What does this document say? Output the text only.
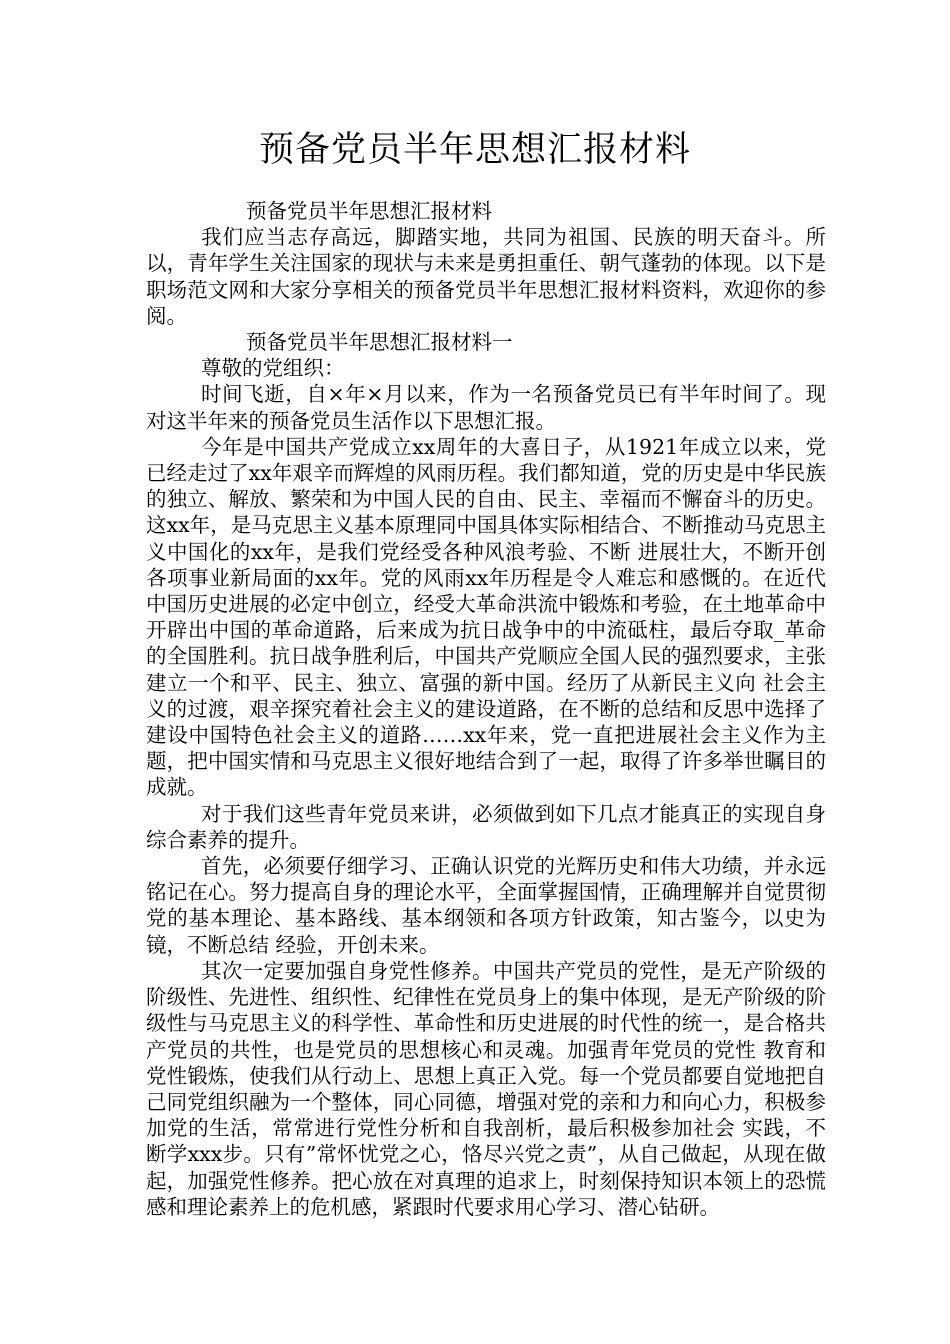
预备党员半年思想汇报材料

预备党员半年思想汇报材料

我们应当志存高远，脚踏实地，共同为祖国、民族的明天奋斗。所以，青年学生关注国家的现状与未来是勇担重任、朝气蓬勃的体现。以下是职场范文网和大家分享相关的预备党员半年思想汇报材料资料，欢迎你的参阅。

预备党员半年思想汇报材料一

尊敬的党组织：

时间飞逝，自×年×月以来，作为一名预备党员已有半年时间了。现对这半年来的预备党员生活作以下思想汇报。

今年是中国共产党成立xx周年的大喜日子，从1921年成立以来，党已经走过了xx年艰辛而辉煌的风雨历程。我们都知道，党的历史是中华民族的独立、解放、繁荣和为中国人民的自由、民主、幸福而不懈奋斗的历史。这xx年，是马克思主义基本原理同中国具体实际相结合、不断推动马克思主义中国化的xx年，是我们党经受各种风浪考验、不断 进展壮大，不断开创各项事业新局面的xx年。党的风雨xx年历程是令人难忘和感慨的。在近代中国历史进展的必定中创立，经受大革命洪流中锻炼和考验，在土地革命中开辟出中国的革命道路，后来成为抗日战争中的中流砥柱，最后夺取_革命的全国胜利。抗日战争胜利后，中国共产党顺应全国人民的强烈要求，主张建立一个和平、民主、独立、富强的新中国。经历了从新民主义向 社会主义的过渡，艰辛探究着社会主义的建设道路，在不断的总结和反思中选择了建设中国特色社会主义的道路……xx年来，党一直把进展社会主义作为主题，把中国实情和马克思主义很好地结合到了一起，取得了许多举世瞩目的成就。

对于我们这些青年党员来讲，必须做到如下几点才能真正的实现自身综合素养的提升。

首先，必须要仔细学习、正确认识党的光辉历史和伟大功绩，并永远铭记在心。努力提高自身的理论水平，全面掌握国情，正确理解并自觉贯彻党的基本理论、基本路线、基本纲领和各项方针政策，知古鉴今，以史为镜，不断总结 经验，开创未来。

其次一定要加强自身党性修养。中国共产党员的党性，是无产阶级的阶级性、先进性、组织性、纪律性在党员身上的集中体现，是无产阶级的阶级性与马克思主义的科学性、革命性和历史进展的时代性的统一，是合格共产党员的共性，也是党员的思想核心和灵魂。加强青年党员的党性 教育和党性锻炼，使我们从行动上、思想上真正入党。每一个党员都要自觉地把自己同党组织融为一个整体，同心同德，增强对党的亲和力和向心力，积极参加党的生活，常常进行党性分析和自我剖析，最后积极参加社会 实践，不断学xxx步。只有”常怀忧党之心，恪尽兴党之责”，从自己做起，从现在做起，加强党性修养。把心放在对真理的追求上，时刻保持知识本领上的恐慌感和理论素养上的危机感，紧跟时代要求用心学习、潜心钻研。
